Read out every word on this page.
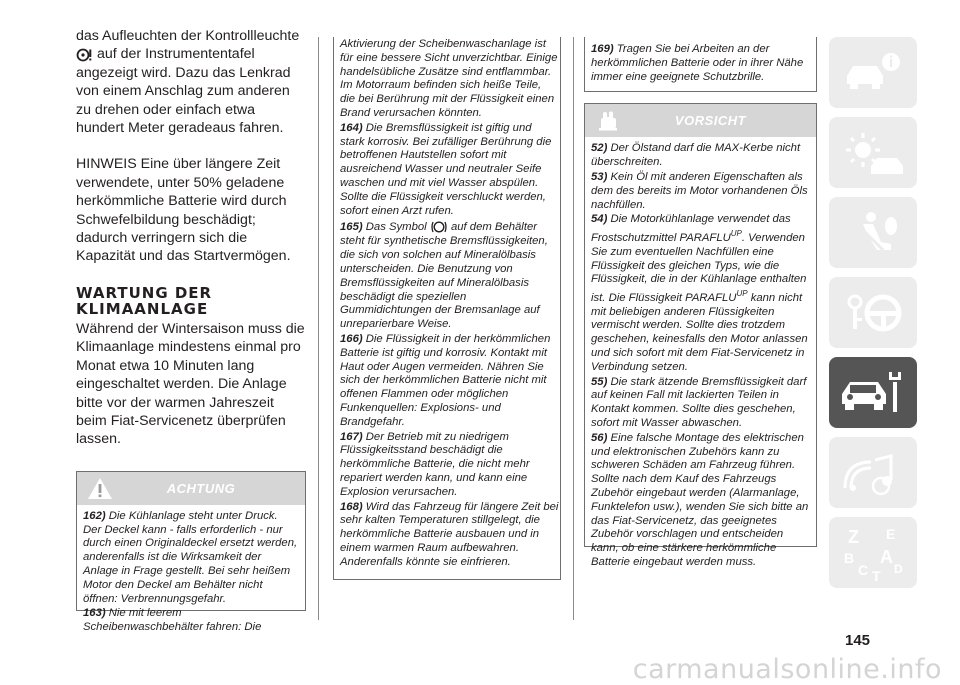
das Aufleuchten der Kontrollleuchte
auf der Instrumententafel angezeigt wird. Dazu das Lenkrad von einem Anschlag zum anderen zu drehen oder einfach etwa hundert Meter geradeaus fahren.

HINWEIS Eine über längere Zeit verwendete, unter 50% geladene herkömmliche Batterie wird durch Schwefelbildung beschädigt; dadurch verringern sich die Kapazität und das Startvermögen.

WARTUNG DER
KLIMAANLAGE

Während der Wintersaison muss die Klimaanlage mindestens einmal pro Monat etwa 10 Minuten lang eingeschaltet werden. Die Anlage bitte vor der warmen Jahreszeit beim Fiat-Servicenetz überprüfen lassen.

ACHTUNG

162) Die Kühlanlage steht unter Druck. Der Deckel kann - falls erforderlich - nur durch einen Originaldeckel ersetzt werden, anderenfalls ist die Wirksamkeit der Anlage in Frage gestellt. Bei sehr heißem Motor den Deckel am Behälter nicht öffnen: Verbrennungsgefahr.

163) Nie mit leerem Scheibenwaschbehälter fahren: Die

Aktivierung der Scheibenwaschanlage ist für eine bessere Sicht unverzichtbar. Einige handelsübliche Zusätze sind entflammbar. Im Motorraum befinden sich heiße Teile, die bei Berührung mit der Flüssigkeit einen Brand verursachen könnten.

164) Die Bremsflüssigkeit ist giftig und stark korrosiv. Bei zufälliger Berührung die betroffenen Hautstellen sofort mit ausreichend Wasser und neutraler Seife waschen und mit viel Wasser abspülen. Sollte die Flüssigkeit verschluckt werden, sofort einen Arzt rufen.

165) Das Symbol auf dem Behälter steht für synthetische Bremsflüssigkeiten, die sich von solchen auf Mineralölbasis unterscheiden. Die Benutzung von Bremsflüssigkeiten auf Mineralölbasis beschädigt die speziellen Gummidichtungen der Bremsanlage auf unreparierbare Weise.

166) Die Flüssigkeit in der herkömmlichen Batterie ist giftig und korrosiv. Kontakt mit Haut oder Augen vermeiden. Nähren Sie sich der herkömmlichen Batterie nicht mit offenen Flammen oder möglichen Funkenquellen: Explosions- und Brandgefahr.

167) Der Betrieb mit zu niedrigem Flüssigkeitsstand beschädigt die herkömmliche Batterie, die nicht mehr repariert werden kann, und kann eine Explosion verursachen.

168) Wird das Fahrzeug für längere Zeit bei sehr kalten Temperaturen stillgelegt, die herkömmliche Batterie ausbauen und in einem warmen Raum aufbewahren. Anderenfalls könnte sie einfrieren.

169) Tragen Sie bei Arbeiten an der herkömmlichen Batterie oder in ihrer Nähe immer eine geeignete Schutzbrille.

VORSICHT

52) Der Ölstand darf die MAX-Kerbe nicht überschreiten.

53) Kein Öl mit anderen Eigenschaften als dem des bereits im Motor vorhandenen Öls nachfüllen.

54) Die Motorkühlanlage verwendet das Frostschutzmittel $PARAFLU^{UP}$. Verwenden Sie zum eventuellen Nachfüllen eine Flüssigkeit des gleichen Typs, wie die Flüssigkeit, die in der Kühlanlage enthalten ist. Die Flüssigkeit $PARAFLU^{UP}$ kann nicht mit beliebigen anderen Flüssigkeiten vermischt werden. Sollte dies trotzdem geschehen, keinesfalls den Motor anlassen und sich sofort mit dem Fiat-Servicenetz in Verbindung setzen.

55) Die stark ätzende Bremsflüssigkeit darf auf keinen Fall mit lackierten Teilen in Kontakt kommen. Sollte dies geschehen, sofort mit Wasser abwaschen.

56) Eine falsche Montage des elektrischen und elektronischen Zubehörs kann zu schweren Schäden am Fahrzeug führen. Sollte nach dem Kauf des Fahrzeugs Zubehör eingebaut werden (Alarmanlage, Funktelefon usw.), wenden Sie sich bitte an das Fiat-Servicenetz, das geeignetes Zubehör vorschlagen und entscheiden kann, ob eine stärkere herkömmliche Batterie eingebaut werden muss.

Z E
B A
C T D
145
carmanualsonline.info
